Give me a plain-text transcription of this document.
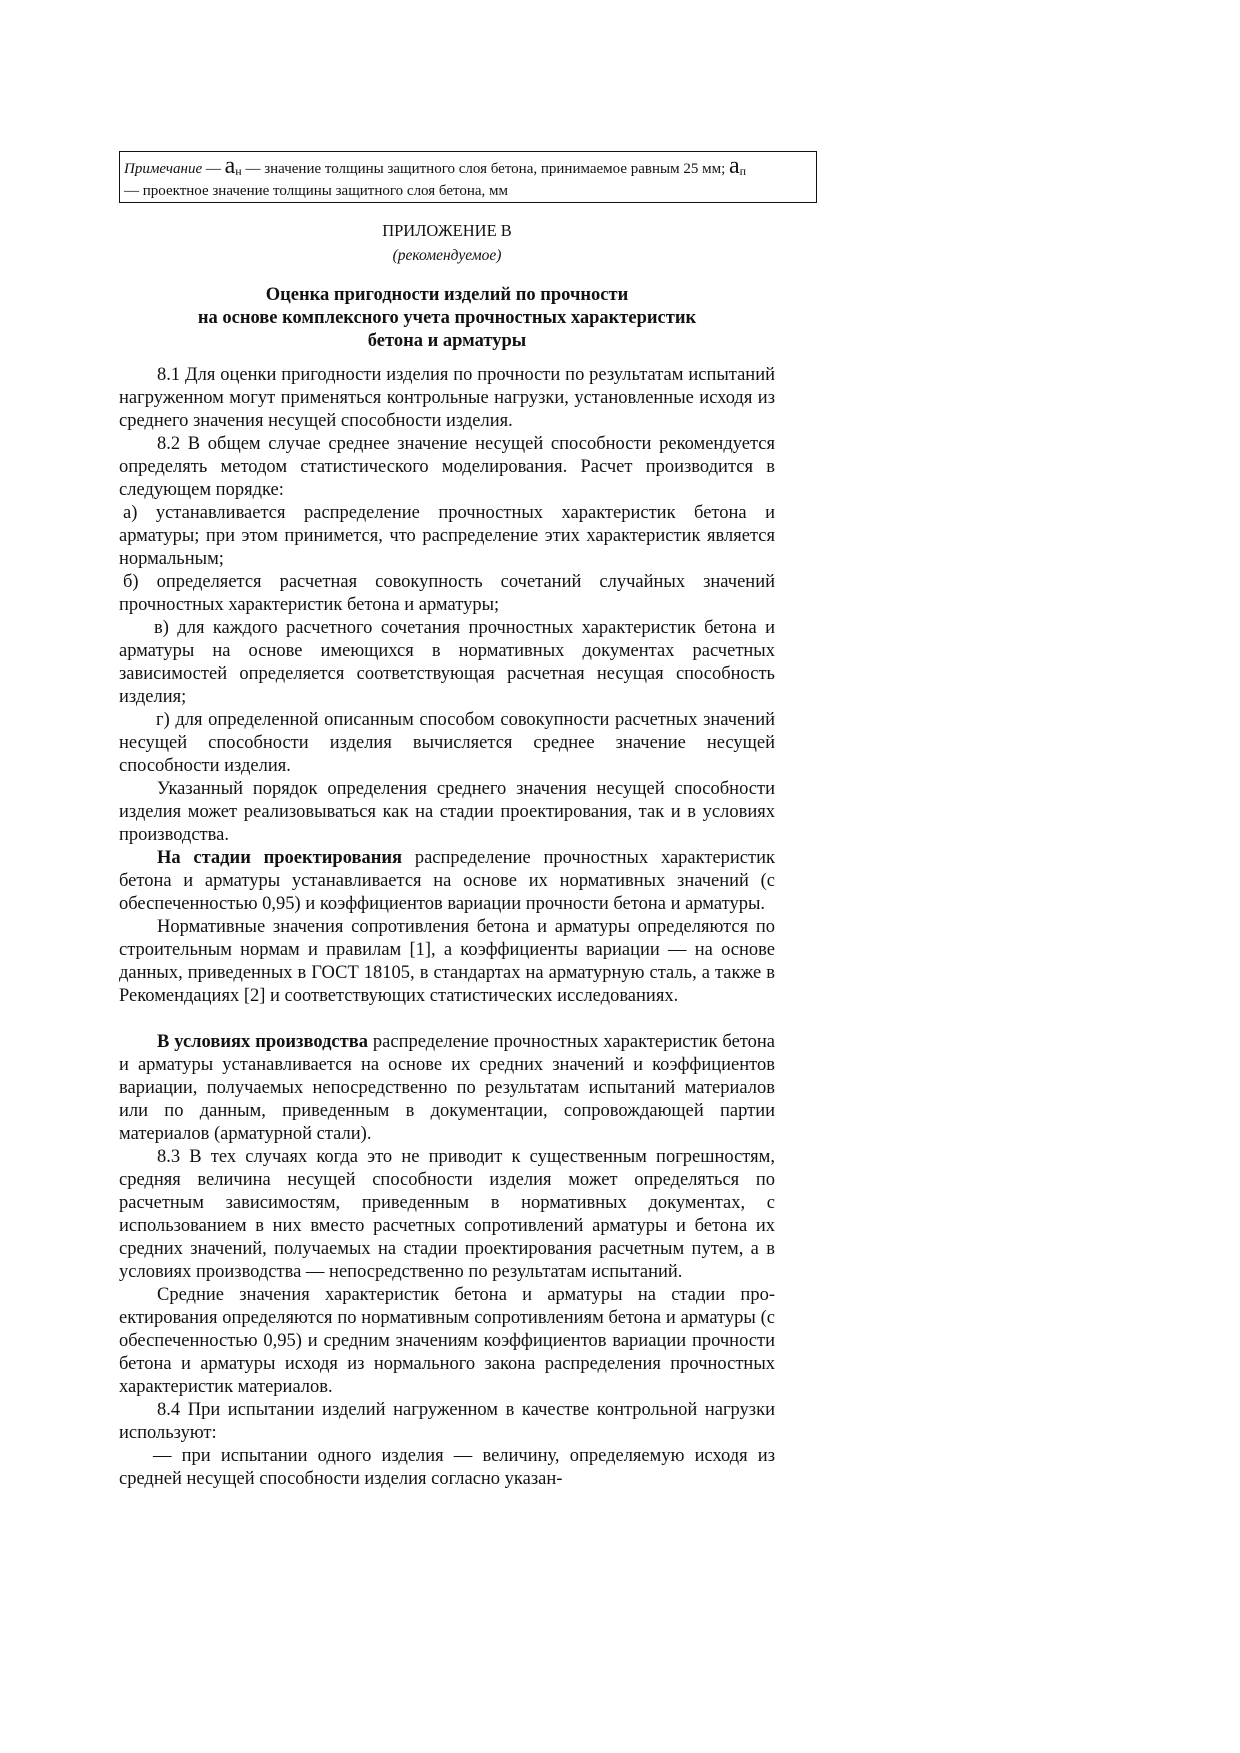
Примечание — $а_н$ — значение толщины защитного слоя бетона, принимаемое равным 25 мм; $а_п$
— проектное значение толщины защитного слоя бетона, мм
ПРИЛОЖЕНИЕ В
(рекомендуемое)
Оценка пригодности изделий по прочности
на основе комплексного учета прочностных характеристик
бетона и арматуры

8.1 Для оценки пригодности изделия по прочности по результатам испытаний нагруженном могут применяться контрольные нагрузки, установленные исходя из среднего значения несущей способности изделия.

8.2 В общем случае среднее значение несущей способности рекомендуется определять методом статистического моделирования. Расчет производится в следующем порядке:

а) устанавливается распределение прочностных характеристик бетона и арматуры; при этом принимется, что распределение этих характеристик является нормальным;

б) определяется расчетная совокупность сочетаний случайных значений прочностных характеристик бетона и арматуры;

в) для каждого расчетного сочетания прочностных характеристик бетона и арматуры на основе имеющихся в нормативных документах расчетных зависимостей определяется соответствующая расчетная несущая способность изделия;

г) для определенной описанным способом совокупности расчетных значений несущей способности изделия вычисляется среднее значение несущей способности изделия.

Указанный порядок определения среднего значения несущей способности изделия может реализовываться как на стадии проектирования, так и в условиях производства.

На стадии проектирования распределение прочностных характеристик бетона и арматуры устанавливается на основе их нормативных значений (с обеспеченностью 0,95) и коэффициентов вариации прочности бетона и арматуры.

Нормативные значения сопротивления бетона и арматуры определяются по строительным нормам и правилам [1], а коэффициенты вариации — на основе данных, приведенных в ГОСТ 18105, в стандартах на арматурную сталь, а также в Рекомендациях [2] и соответствующих статистических исследованиях.

В условиях производства распределение прочностных характеристик бетона и арматуры устанавливается на основе их средних значений и коэффициентов вариации, получаемых непосредственно по результатам испытаний материалов или по данным, приведенным в документации, сопровождающей партии материалов (арматурной стали).

8.3 В тех случаях когда это не приводит к существенным погрешностям, средняя величина несущей способности изделия может определяться по расчетным зависимостям, приведенным в нормативных документах, с использованием в них вместо расчетных сопротивлений арматуры и бетона их средних значений, получаемых на стадии проектирования расчетным путем, а в условиях производства — непосредственно по результатам испытаний.

Средние значения характеристик бетона и арматуры на стадии проектирования определяются по нормативным сопротивлениям бетона и арматуры (с обеспеченностью 0,95) и средним значениям коэффициентов вариации прочности бетона и арматуры исходя из нормального закона распределения прочностных характеристик материалов.

8.4 При испытании изделий нагруженном в качестве контрольной нагрузки используют:

— при испытании одного изделия — величину, определяемую исходя из средней несущей способности изделия согласно указан-
